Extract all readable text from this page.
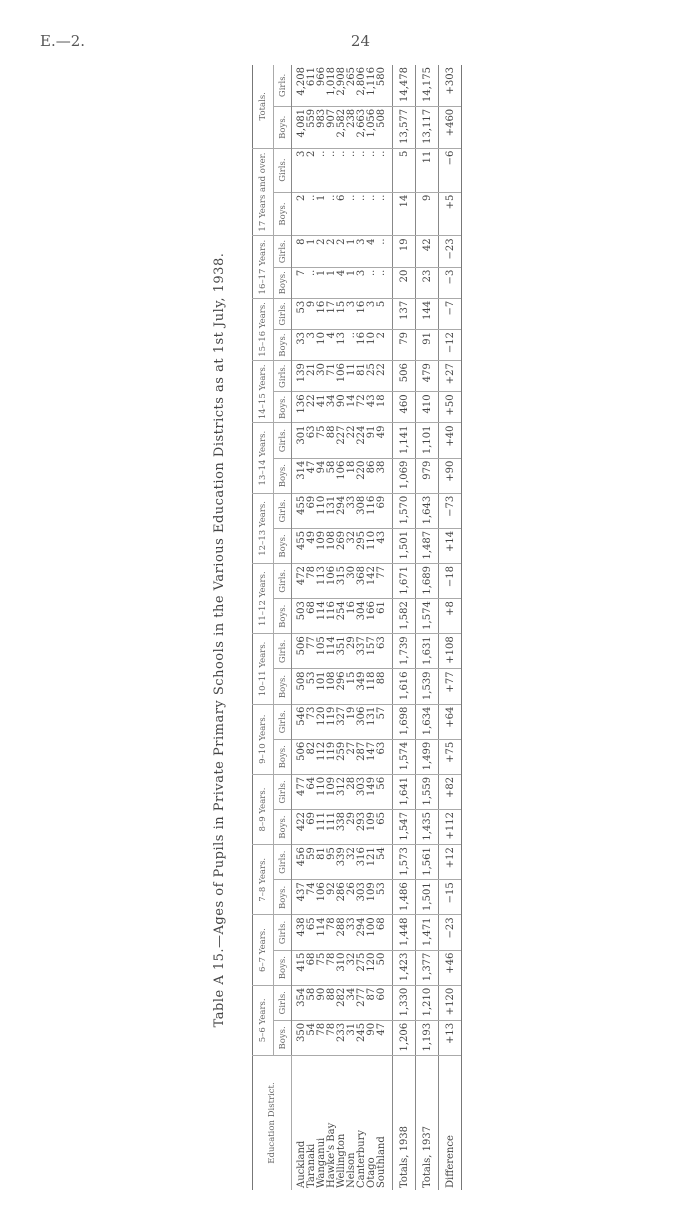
E.—2.	24
Table A 15.—Ages of Pupils in Private Primary Schools in the Various Education Districts as at 1st July, 1938.
Education District.	5–6 Years.		6–7 Years.		7–8 Years.		8–9 Years.		9–10 Years.		10–11 Years.		11–12 Years.		12–13 Years.		13–14 Years.		14–15 Years.		15–16 Years.		16–17 Years.		17 Years and over.		Totals.	
	Boys.	Girls.	Boys.	Girls.	Boys.	Girls.	Boys.	Girls.	Boys.	Girls.	Boys.	Girls.	Boys.	Girls.	Boys.	Girls.	Boys.	Girls.	Boys.	Girls.	Boys.	Girls.	Boys.	Girls.	Boys.	Girls.	Boys.	Girls.
Auckland	350	354	415	438	437	456	422	477	506	546	508	506	503	472	455	455	314	301	136	139	33	53	7	8	2	3	4,081	4,208
Taranaki	54	58	68	65	74	59	69	64	82	73	53	77	68	78	49	69	47	63	22	21	3	9	..	1	..	2	559	611
Wanganui	78	90	75	114	106	81	111	110	112	120	101	105	114	113	109	110	94	75	41	30	10	16	1	2	1	..	983	966
Hawke's Bay	78	88	78	78	92	95	111	109	119	119	108	114	116	106	108	131	58	88	34	71	4	17	1	2	..	..	907	1,018
Wellington	233	282	310	288	286	339	338	312	259	327	296	351	254	315	269	294	106	227	90	106	13	15	4	2	6	..	2,582	2,908
Nelson	31	34	32	33	26	32	29	28	27	19	15	29	16	30	32	33	18	22	14	11	..	3	1	1	..	..	238	265
Canterbury	245	277	275	294	303	316	293	303	287	306	349	337	304	368	295	308	220	224	72	81	16	16	3	3	..	..	2,663	2,806
Otago	90	87	120	100	109	121	109	149	147	131	118	157	166	142	110	116	86	91	43	25	10	3	..	4	..	..	1,056	1,116
Southland	47	60	50	68	53	54	65	56	63	57	88	63	61	77	43	69	38	49	18	22	2	5	..	..	..	..	508	580
Totals, 1938	1,206	1,330	1,423	1,448	1,486	1,573	1,547	1,641	1,574	1,698	1,616	1,739	1,582	1,671	1,501	1,570	1,069	1,141	460	506	79	137	20	19	14	5	13,577	14,478
Totals, 1937	1,193	1,210	1,377	1,471	1,501	1,561	1,435	1,559	1,499	1,634	1,539	1,631	1,574	1,689	1,487	1,643	979	1,101	410	479	91	144	23	42	9	11	13,117	14,175
Difference	+13	+120	+46	−23	−15	+12	+112	+82	+75	+64	+77	+108	+8	−18	+14	−73	+90	+40	+50	+27	−12	−7	−3	−23	+5	−6	+460	+303
